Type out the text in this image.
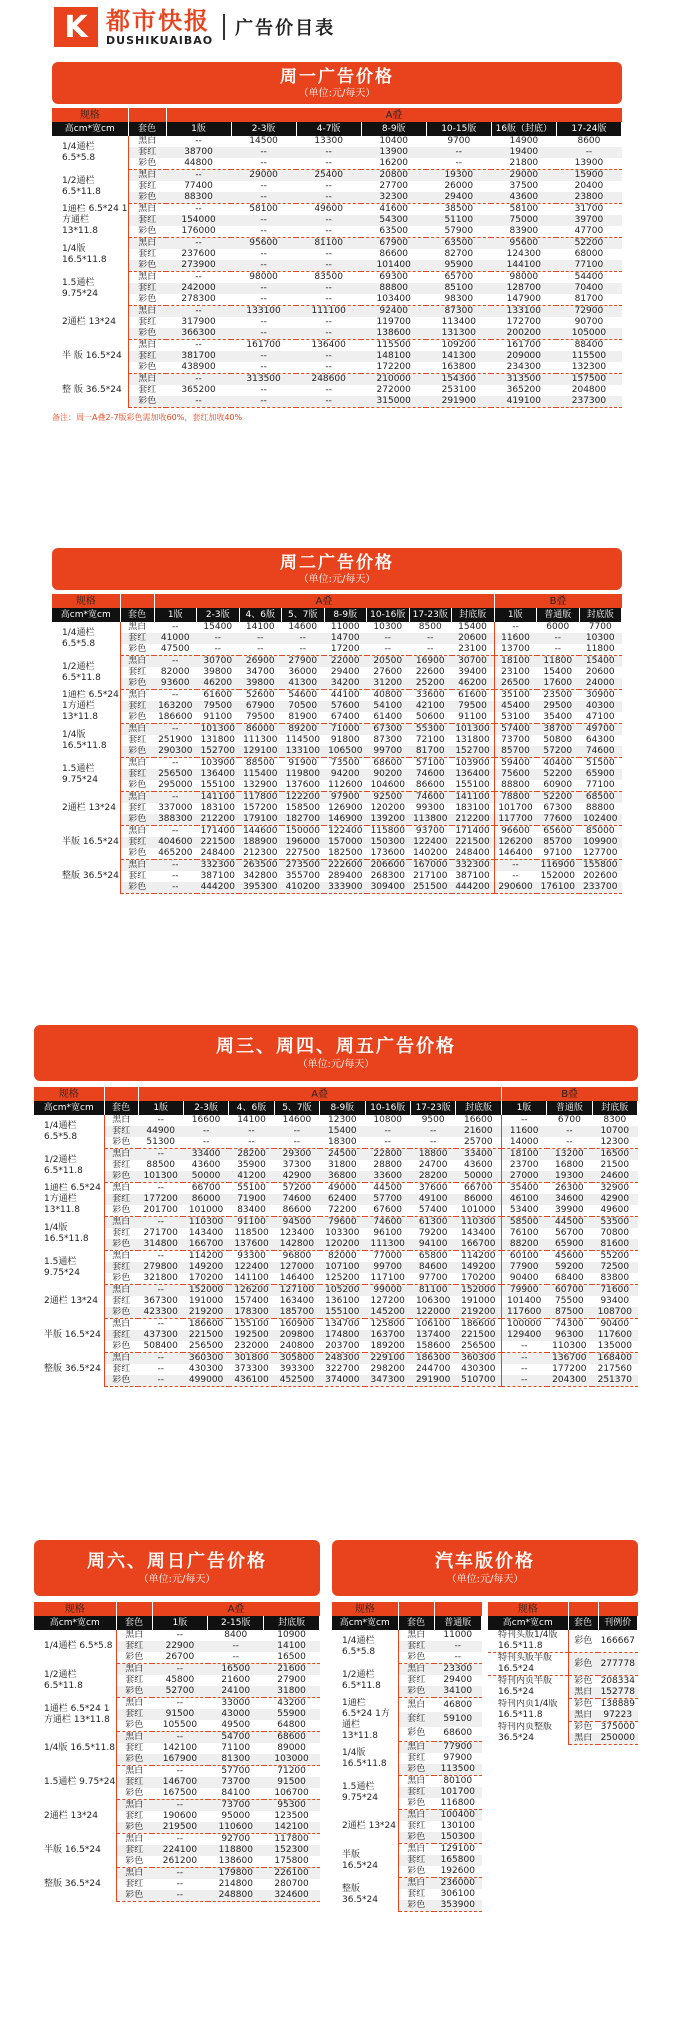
K 都市快报
DUSHIKUAIBAO
广告价目表
周一广告价格
（单位:元/每天）
规格		A叠						
高cm*宽cm	套色	1版	2-3版	4-7版	8-9版	10-15版	16版（封底）	17-24版
1/4通栏 6.5*5.8	黑白	--	14500	13300	10400	9700	14900	8600
	套红	38700	--	--	13900	--	19400	--
	彩色	44800	--	--	16200	--	21800	13900
1/2通栏 6.5*11.8	黑白	--	29000	25400	20800	19300	29000	15900
	套红	77400	--	--	27700	26000	37500	20400
	彩色	88300	--	--	32300	29400	43600	23800
1通栏 6.5*24 1方通栏 13*11.8	黑白	--	58100	49600	41600	38500	58100	31700
	套红	154000	--	--	54300	51100	75000	39700
	彩色	176000	--	--	63500	57900	83900	47700
1/4版 16.5*11.8	黑白	--	95600	81100	67900	63500	95600	52200
	套红	237600	--	--	86600	82700	124300	68000
	彩色	273900	--	--	101400	95900	144100	77100
1.5通栏 9.75*24	黑白	--	98000	83500	69300	65700	98000	54400
	套红	242000	--	--	88800	85100	128700	70400
	彩色	278300	--	--	103400	98300	147900	81700
2通栏 13*24	黑白	--	133100	111100	92400	87300	133100	72900
	套红	317900	--	--	119700	113400	172700	90700
	彩色	366300	--	--	138600	131300	200200	105000
半 版 16.5*24	黑白	--	161700	136400	115500	109200	161700	88400
	套红	381700	--	--	148100	141300	209000	115500
	彩色	438900	--	--	172200	163800	234300	132300
整 版 36.5*24	黑白	--	313500	248600	210000	154300	313500	157500
	套红	365200	--	--	272000	253100	365200	204800
	彩色	--	--	--	315000	291900	419100	237300
备注：周一A叠2-7版彩色需加收60%，套红加收40%
周二广告价格
（单位:元/每天）
规格		A叠								B叠		
高cm*宽cm	套色	1版	2-3版	4、6版	5、7版	8-9版	10-16版	17-23版	封底版	1版	普通版	封底版
1/4通栏 6.5*5.8	黑白	--	15400	14100	14600	11000	10300	8500	15400	--	6000	7700
	套红	41000	--	--	--	14700	--	--	20600	11600	--	10300
	彩色	47500	--	--	--	17200	--	--	23100	13700	--	11800
1/2通栏 6.5*11.8	黑白	--	30700	26900	27900	22000	20500	16900	30700	18100	11800	15400
	套红	82000	39800	34700	36000	29400	27600	22600	39400	23100	15400	20600
	彩色	93600	46200	39800	41300	34200	31200	25200	46200	26500	17600	24000
1通栏 6.5*24 1方通栏 13*11.8	黑白	--	61600	52600	54600	44100	40800	33600	61600	35100	23500	30900
	套红	163200	79500	67900	70500	57600	54100	42100	79500	45400	29500	40300
	彩色	186600	91100	79500	81900	67400	61400	50600	91100	53100	35400	47100
1/4版 16.5*11.8	黑白	--	101300	86000	89200	71000	67300	55300	101300	57400	38700	49700
	套红	251900	131800	111300	114500	91800	87300	72100	131800	73700	50800	64300
	彩色	290300	152700	129100	133100	106500	99700	81700	152700	85700	57200	74600
1.5通栏 9.75*24	黑白	--	103900	88500	91900	73500	68600	57100	103900	59400	40400	51500
	套红	256500	136400	115400	119800	94200	90200	74600	136400	75600	52200	65900
	彩色	295000	155100	132900	137600	112600	104600	86600	155100	88800	60900	77100
2通栏 13*24	黑白	--	141100	117800	122200	97900	92500	74600	141100	78800	52200	68500
	套红	337000	183100	157200	158500	126900	120200	99300	183100	101700	67300	88800
	彩色	388300	212200	179100	182700	146900	139200	113800	212200	117700	77600	102400
半版 16.5*24	黑白	--	171400	144600	150000	122400	115800	93700	171400	96600	65600	85000
	套红	404600	221500	188900	196000	157000	150300	122400	221500	126200	85700	109900
	彩色	465200	248400	212300	227500	182500	173600	140200	248400	146400	97100	127700
整版 36.5*24	黑白	--	332300	263500	273500	222600	206600	167000	332300	--	116900	155800
	套红	--	387100	342800	355700	289400	268300	217100	387100	--	152000	202600
	彩色	--	444200	395300	410200	333900	309400	251500	444200	290600	176100	233700
周三、周四、周五广告价格
（单位:元/每天）
规格		A叠								B叠		
高cm*宽cm	套色	1版	2-3版	4、6版	5、7版	8-9版	10-16版	17-23版	封底版	1版	普通版	封底版
1/4通栏 6.5*5.8	黑白	--	16600	14100	14600	12300	10800	9500	16600	--	6700	8300
	套红	44900	--	--	--	15400	--	--	21600	11600	--	10700
	彩色	51300	--	--	--	18300	--	--	25700	14000	--	12300
1/2通栏 6.5*11.8	黑白	--	33400	28200	29300	24500	22800	18800	33400	18100	13200	16500
	套红	88500	43600	35900	37300	31800	28800	24700	43600	23700	16800	21500
	彩色	101300	50000	41200	42900	36800	33600	28200	50000	27000	19300	24600
1通栏 6.5*24 1方通栏 13*11.8	黑白	--	66700	55100	57200	49000	44500	37600	66700	35400	26300	32900
	套红	177200	86000	71900	74600	62400	57700	49100	86000	46100	34600	42900
	彩色	201700	101000	83400	86600	72200	67600	57400	101000	53400	39900	49600
1/4版 16.5*11.8	黑白	--	110300	91100	94500	79600	74600	61300	110300	58500	44500	53500
	套红	271700	143400	118500	123400	103300	96100	79200	143400	76100	56700	70800
	彩色	314800	166700	137600	142800	120200	111300	94100	166700	88200	65900	81600
1.5通栏 9.75*24	黑白	--	114200	93300	96800	82000	77000	65800	114200	60100	45600	55200
	套红	279800	149200	122400	127000	107100	99700	84600	149200	77900	59200	72500
	彩色	321800	170200	141100	146400	125200	117100	97700	170200	90400	68400	83800
2通栏 13*24	黑白	--	152000	126200	127100	105200	99000	81100	152000	79900	60700	71600
	套红	367300	191000	157400	163400	136100	127200	106300	191000	101400	75500	93400
	彩色	423300	219200	178300	185700	155100	145200	122000	219200	117600	87500	108700
半版 16.5*24	黑白	--	186600	155100	160900	134700	125800	106100	186600	100000	74300	90400
	套红	437300	221500	192500	209800	174800	163700	137400	221500	129400	96300	117600
	彩色	508400	256500	232000	240800	203700	189200	158600	256500	--	110300	135000
整版 36.5*24	黑白	--	360300	301800	305800	248300	229100	186300	360300	--	136700	168400
	套红	--	430300	373300	393300	322700	298200	244700	430300	--	177200	217560
	彩色	--	499000	436100	452500	374000	347300	291900	510700	--	204300	251370
周六、周日广告价格
（单位:元/每天）
规格		A叠		
高cm*宽cm	套色	1版	2-15版	封底版
1/4通栏 6.5*5.8	黑白	--	8400	10900
	套红	22900	--	14100
	彩色	26700	--	16500
1/2通栏 6.5*11.8	黑白	--	16500	21600
	套红	45800	21600	27900
	彩色	52700	24100	31800
1通栏 6.5*24 1方通栏 13*11.8	黑白	--	33000	43200
	套红	91500	43000	55900
	彩色	105500	49500	64800
1/4版 16.5*11.8	黑白	--	54700	68600
	套红	142100	71100	89000
	彩色	167900	81300	103000
1.5通栏 9.75*24	黑白	--	57700	71200
	套红	146700	73700	91500
	彩色	167500	84100	106700
2通栏 13*24	黑白	--	73700	95300
	套红	190600	95000	123500
	彩色	219500	110600	142100
半版 16.5*24	黑白	--	92700	117800
	套红	224100	118800	152300
	彩色	261200	138600	175800
整版 36.5*24	黑白	--	179800	226100
	套红	--	214800	280700
	彩色	--	248800	324600
汽车版价格
（单位:元/每天）
规格		
高cm*宽cm	套色	普通版
1/4通栏 6.5*5.8	黑白	11000
	套红	--
	彩色	--
1/2通栏 6.5*11.8	黑白	23300
	套红	29400
	彩色	34100
1通栏 6.5*24 1方通栏 13*11.8	黑白	46800
	套红	59100
	彩色	68600
1/4版 16.5*11.8	黑白	77900
	套红	97900
	彩色	113500
1.5通栏 9.75*24	黑白	80100
	套红	101700
	彩色	116800
2通栏 13*24	黑白	100400
	套红	130100
	彩色	150300
半版 16.5*24	黑白	129100
	套红	165800
	彩色	192600
整版 36.5*24	黑白	236000
	套红	306100
	彩色	353900
规格		
高cm*宽cm	套色	刊例价
特刊头版1/4版 16.5*11.8	彩色	166667
特刊头版半版 16.5*24	彩色	277778
特刊内页半版 16.5*24	彩色	208334
	黑白	152778
特刊内页1/4版 16.5*11.8	彩色	138889
	黑白	97223
特刊内页整版 36.5*24	彩色	375000
	黑白	250000
